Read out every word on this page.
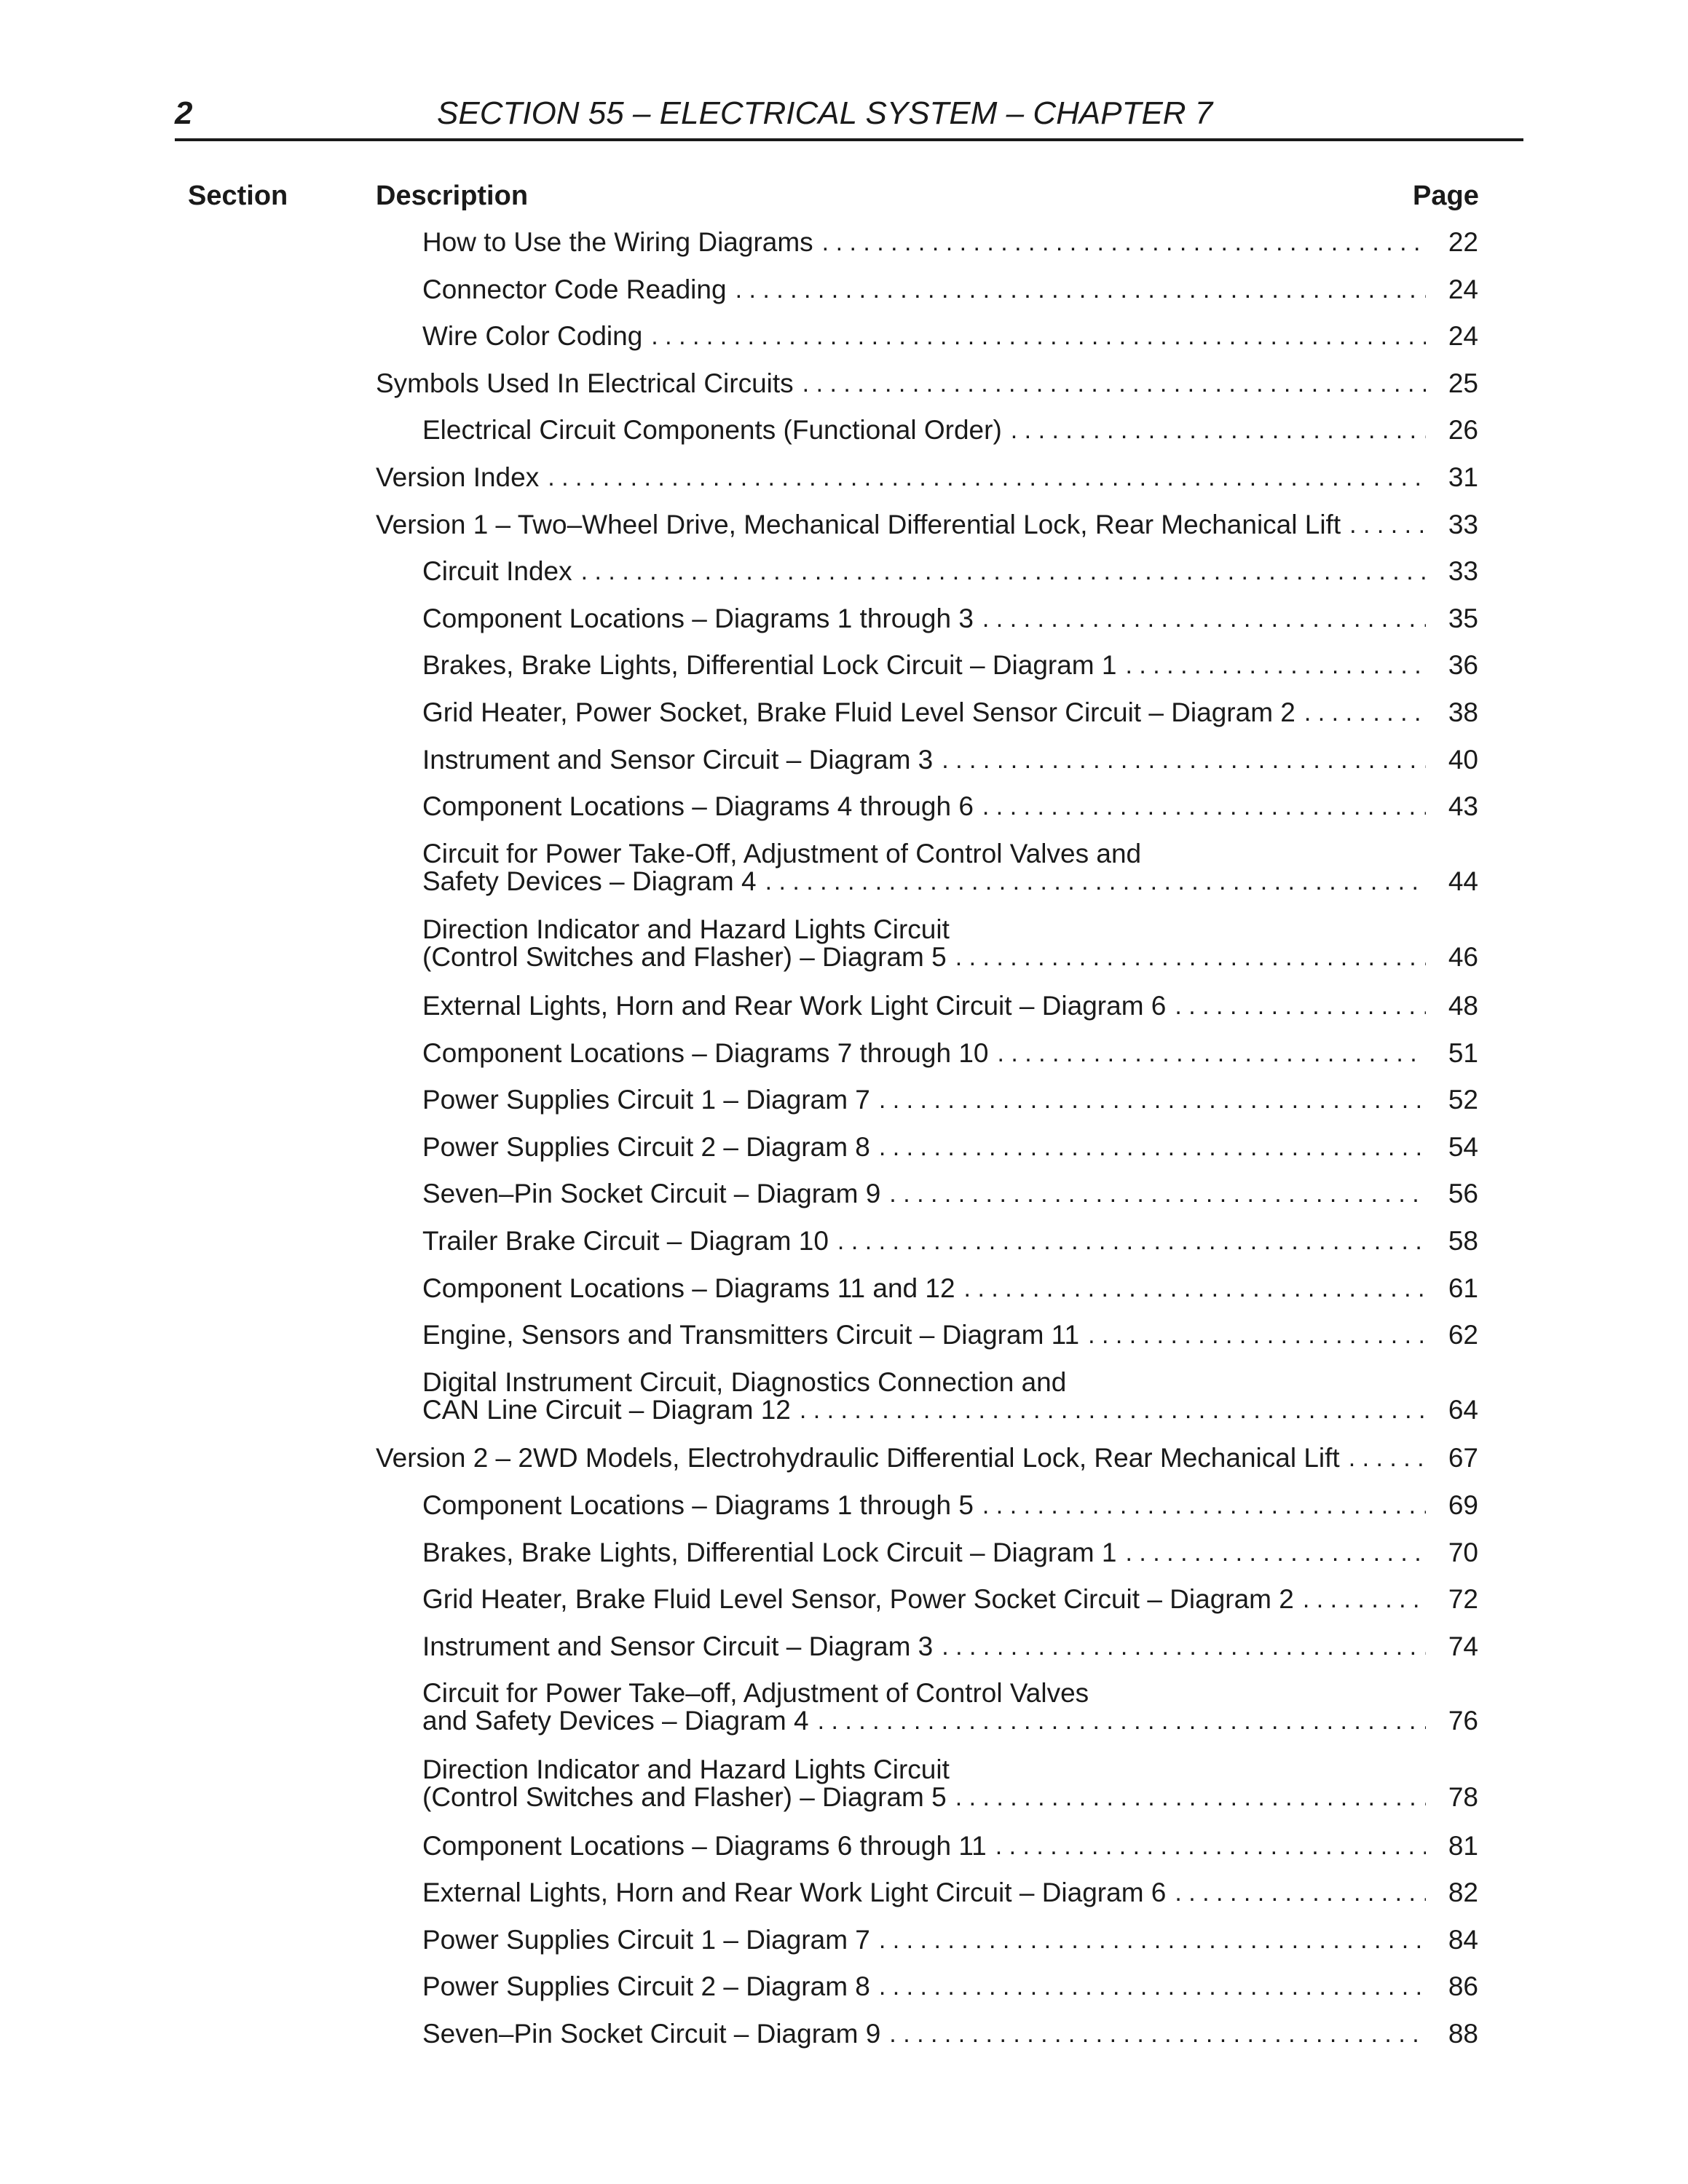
2	SECTION 55 – ELECTRICAL SYSTEM – CHAPTER 7
Section	Description	Page
How to Use the Wiring Diagrams . . .	22
Connector Code Reading . . .	24
Wire Color Coding . . .	24
Symbols Used In Electrical Circuits . . .	25
Electrical Circuit Components (Functional Order) . . .	26
Version Index . . .	31
Version 1 – Two–Wheel Drive, Mechanical Differential Lock, Rear Mechanical Lift . . .	33
Circuit Index . . .	33
Component Locations – Diagrams 1 through 3 . . .	35
Brakes, Brake Lights, Differential Lock Circuit – Diagram 1 . . .	36
Grid Heater, Power Socket, Brake Fluid Level Sensor Circuit – Diagram 2 . . .	38
Instrument and Sensor Circuit – Diagram 3 . . .	40
Component Locations – Diagrams 4 through 6 . . .	43
Circuit for Power Take-Off, Adjustment of Control Valves and
Safety Devices – Diagram 4 . . .	44
Direction Indicator and Hazard Lights Circuit
(Control Switches and Flasher) – Diagram 5 . . .	46
External Lights, Horn and Rear Work Light Circuit – Diagram 6 . . .	48
Component Locations – Diagrams 7 through 10 . . .	51
Power Supplies Circuit 1 – Diagram 7 . . .	52
Power Supplies Circuit 2 – Diagram 8 . . .	54
Seven–Pin Socket Circuit – Diagram 9 . . .	56
Trailer Brake Circuit – Diagram 10 . . .	58
Component Locations – Diagrams 11 and 12 . . .	61
Engine, Sensors and Transmitters Circuit – Diagram 11 . . .	62
Digital Instrument Circuit, Diagnostics Connection and
CAN Line Circuit – Diagram 12 . . .	64
Version 2 – 2WD Models, Electrohydraulic Differential Lock, Rear Mechanical Lift . . .	67
Component Locations – Diagrams 1 through 5 . . .	69
Brakes, Brake Lights, Differential Lock Circuit – Diagram 1 . . .	70
Grid Heater, Brake Fluid Level Sensor, Power Socket Circuit – Diagram 2 . . .	72
Instrument and Sensor Circuit – Diagram 3 . . .	74
Circuit for Power Take–off, Adjustment of Control Valves
and Safety Devices – Diagram 4 . . .	76
Direction Indicator and Hazard Lights Circuit
(Control Switches and Flasher) – Diagram 5 . . .	78
Component Locations – Diagrams 6 through 11 . . .	81
External Lights, Horn and Rear Work Light Circuit – Diagram 6 . . .	82
Power Supplies Circuit 1 – Diagram 7 . . .	84
Power Supplies Circuit 2 – Diagram 8 . . .	86
Seven–Pin Socket Circuit – Diagram 9 . . .	88
